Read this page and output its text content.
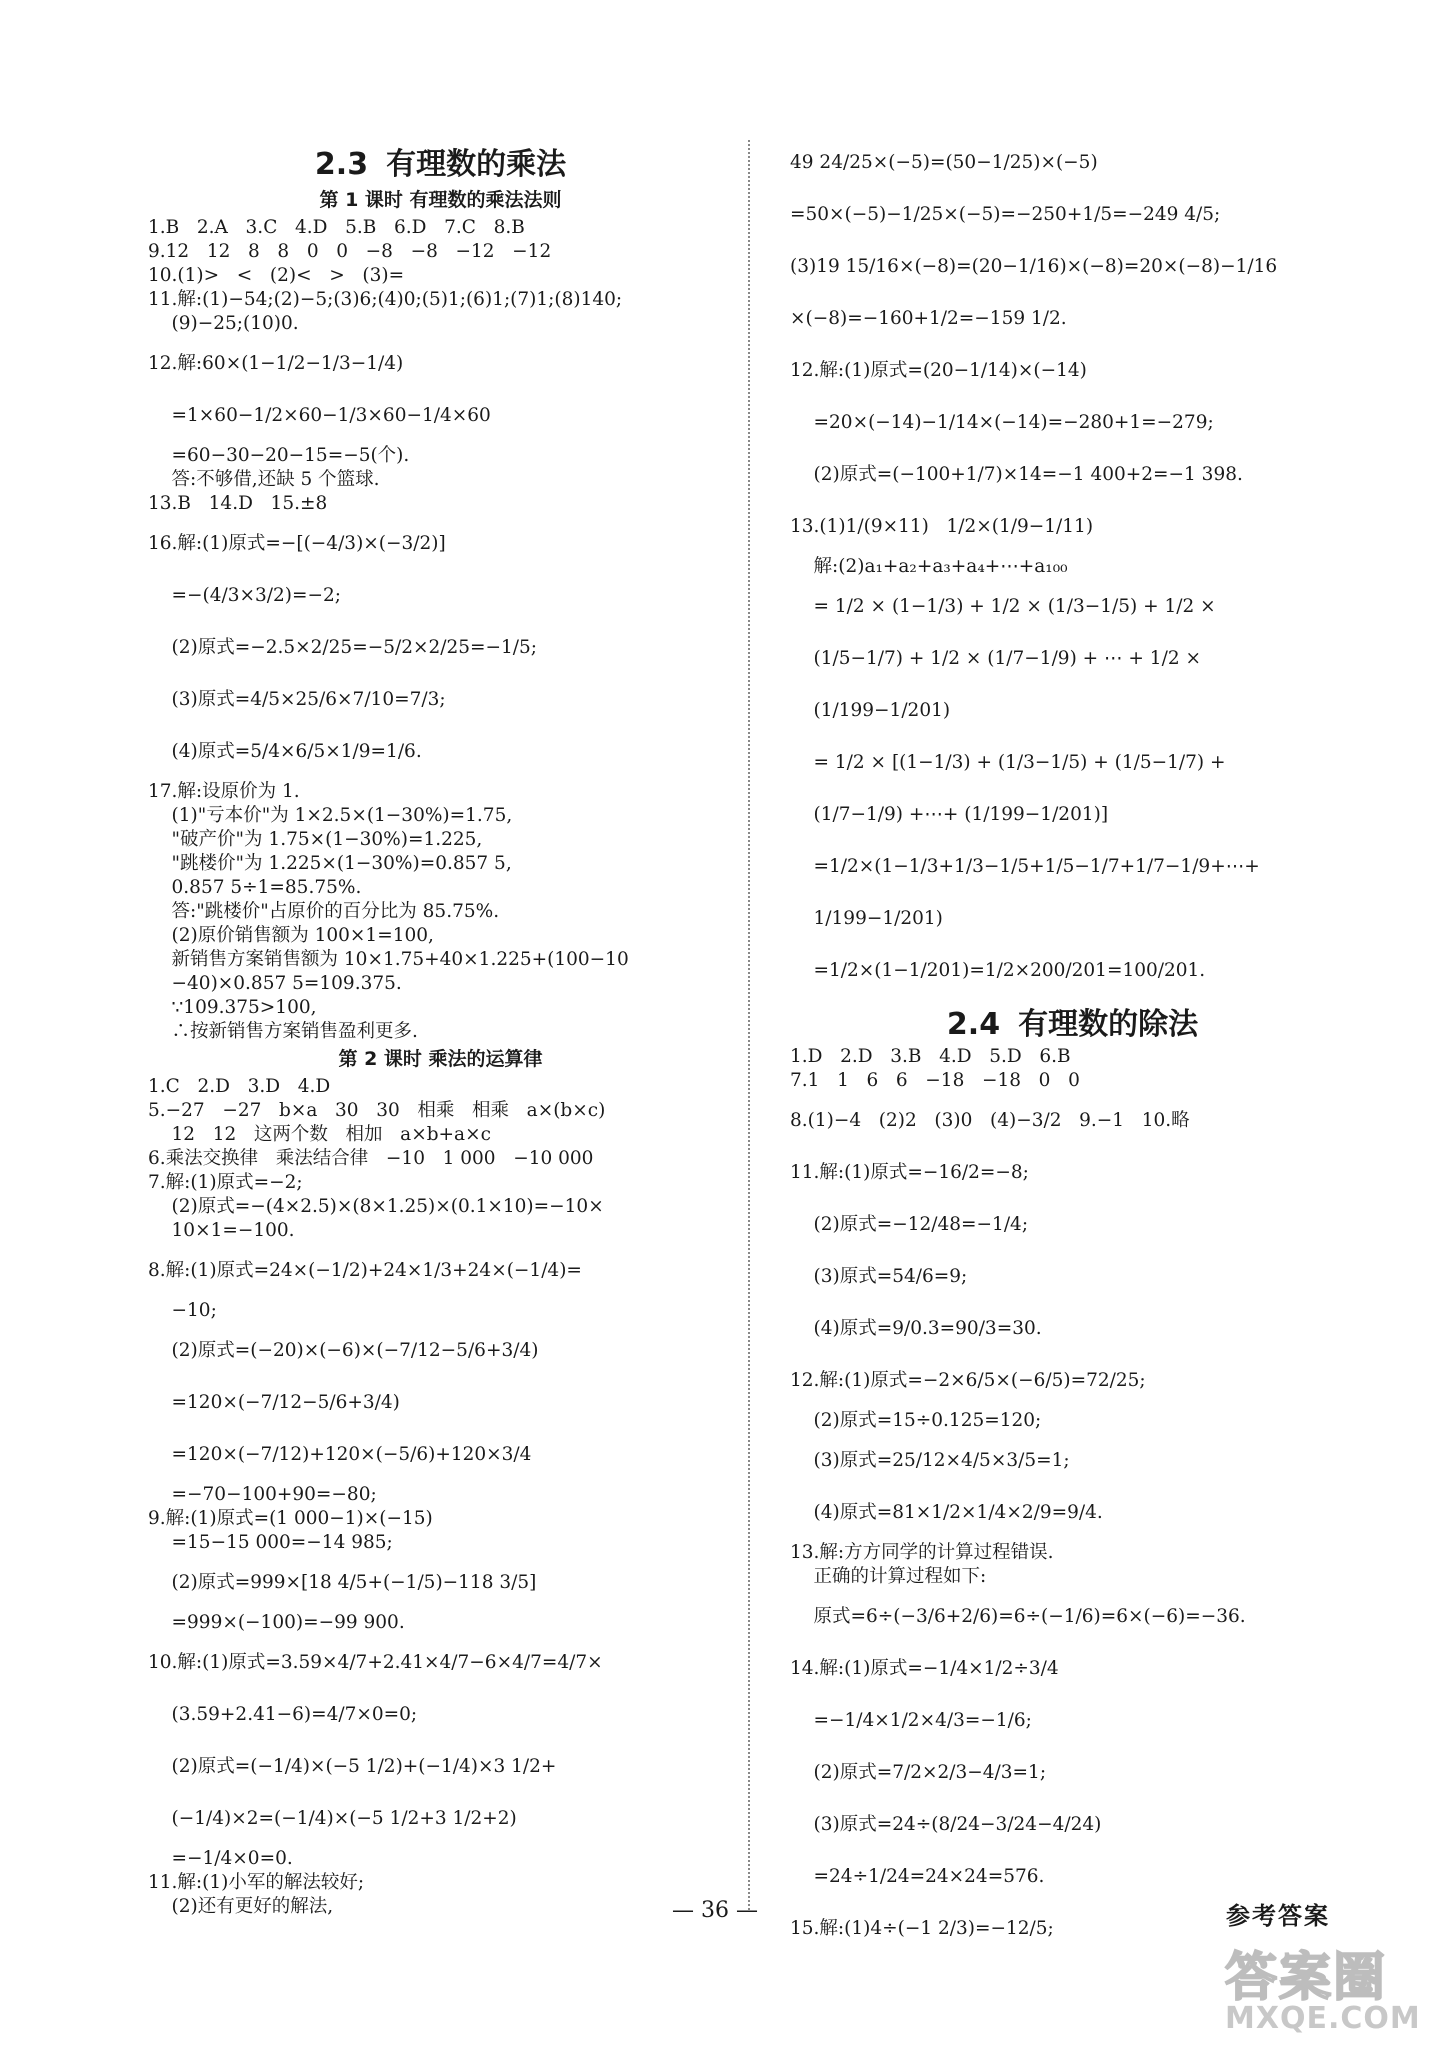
2.3 有理数的乘法
第 1 课时 有理数的乘法法则

1.B   2.A   3.C   4.D   5.B   6.D   7.C   8.B

9.12   12   8   8   0   0   −8   −8   −12   −12

10.(1)>   <   (2)<   >   (3)=

11.解:(1)−54;(2)−5;(3)6;(4)0;(5)1;(6)1;(7)1;(8)140;

(9)−25;(10)0.

12.解:60×(1−1/2−1/3−1/4)

=1×60−1/2×60−1/3×60−1/4×60

=60−30−20−15=−5(个).

答:不够借,还缺 5 个篮球.

13.B   14.D   15.±8

16.解:(1)原式=−[(−4/3)×(−3/2)]

=−(4/3×3/2)=−2;

(2)原式=−2.5×2/25=−5/2×2/25=−1/5;

(3)原式=4/5×25/6×7/10=7/3;

(4)原式=5/4×6/5×1/9=1/6.

17.解:设原价为 1.

(1)"亏本价"为 1×2.5×(1−30%)=1.75,

"破产价"为 1.75×(1−30%)=1.225,

"跳楼价"为 1.225×(1−30%)=0.857 5,

0.857 5÷1=85.75%.

答:"跳楼价"占原价的百分比为 85.75%.

(2)原价销售额为 100×1=100,

新销售方案销售额为 10×1.75+40×1.225+(100−10

−40)×0.857 5=109.375.

∵109.375>100,

∴按新销售方案销售盈利更多.

第 2 课时 乘法的运算律

1.C   2.D   3.D   4.D

5.−27   −27   b×a   30   30   相乘   相乘   a×(b×c)

12   12   这两个数   相加   a×b+a×c

6.乘法交换律   乘法结合律   −10   1 000   −10 000

7.解:(1)原式=−2;

(2)原式=−(4×2.5)×(8×1.25)×(0.1×10)=−10×

10×1=−100.

8.解:(1)原式=24×(−1/2)+24×1/3+24×(−1/4)=

−10;

(2)原式=(−20)×(−6)×(−7/12−5/6+3/4)

=120×(−7/12−5/6+3/4)

=120×(−7/12)+120×(−5/6)+120×3/4

=−70−100+90=−80;

9.解:(1)原式=(1 000−1)×(−15)

=15−15 000=−14 985;

(2)原式=999×[18 4/5+(−1/5)−118 3/5]

=999×(−100)=−99 900.

10.解:(1)原式=3.59×4/7+2.41×4/7−6×4/7=4/7×

(3.59+2.41−6)=4/7×0=0;

(2)原式=(−1/4)×(−5 1/2)+(−1/4)×3 1/2+

(−1/4)×2=(−1/4)×(−5 1/2+3 1/2+2)

=−1/4×0=0.

11.解:(1)小军的解法较好;

(2)还有更好的解法,

49 24/25×(−5)=(50−1/25)×(−5)

=50×(−5)−1/25×(−5)=−250+1/5=−249 4/5;

(3)19 15/16×(−8)=(20−1/16)×(−8)=20×(−8)−1/16

×(−8)=−160+1/2=−159 1/2.

12.解:(1)原式=(20−1/14)×(−14)

=20×(−14)−1/14×(−14)=−280+1=−279;

(2)原式=(−100+1/7)×14=−1 400+2=−1 398.

13.(1)1/(9×11)   1/2×(1/9−1/11)

解:(2)a₁+a₂+a₃+a₄+⋯+a₁₀₀

= 1/2 × (1−1/3) + 1/2 × (1/3−1/5) + 1/2 ×

(1/5−1/7) + 1/2 × (1/7−1/9) + ⋯ + 1/2 ×

(1/199−1/201)

= 1/2 × [(1−1/3) + (1/3−1/5) + (1/5−1/7) +

(1/7−1/9) +⋯+ (1/199−1/201)]

=1/2×(1−1/3+1/3−1/5+1/5−1/7+1/7−1/9+⋯+

1/199−1/201)

=1/2×(1−1/201)=1/2×200/201=100/201.

2.4 有理数的除法

1.D   2.D   3.B   4.D   5.D   6.B

7.1   1   6   6   −18   −18   0   0

8.(1)−4   (2)2   (3)0   (4)−3/2   9.−1   10.略

11.解:(1)原式=−16/2=−8;

(2)原式=−12/48=−1/4;

(3)原式=54/6=9;

(4)原式=9/0.3=90/3=30.

12.解:(1)原式=−2×6/5×(−6/5)=72/25;

(2)原式=15÷0.125=120;

(3)原式=25/12×4/5×3/5=1;

(4)原式=81×1/2×1/4×2/9=9/4.

13.解:方方同学的计算过程错误.

正确的计算过程如下:

原式=6÷(−3/6+2/6)=6÷(−1/6)=6×(−6)=−36.

14.解:(1)原式=−1/4×1/2÷3/4

=−1/4×1/2×4/3=−1/6;

(2)原式=7/2×2/3−4/3=1;

(3)原式=24÷(8/24−3/24−4/24)

=24÷1/24=24×24=576.

15.解:(1)4÷(−1 2/3)=−12/5;

— 36 —	参考答案
答案圈
MXQE.COM
